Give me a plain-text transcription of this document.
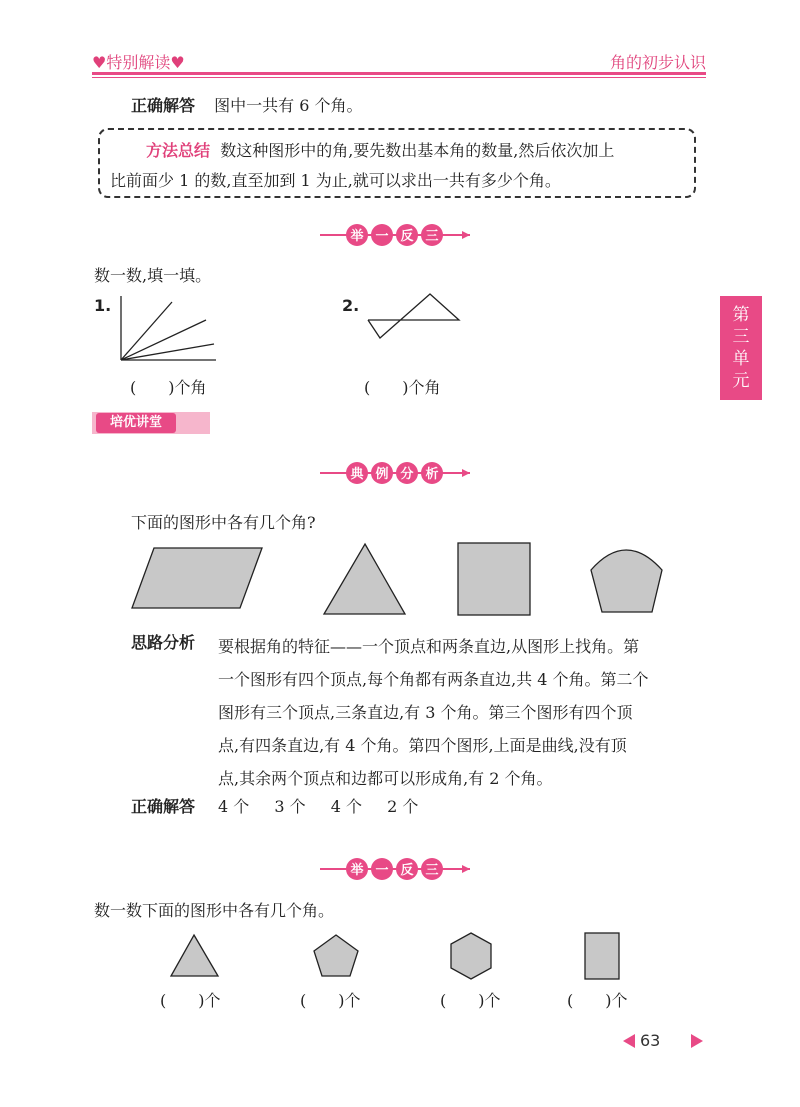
♥特别解读♥	角的初步认识
正确解答 图中一共有 6 个角。
方法总结 数这种图形中的角,要先数出基本角的数量,然后依次加上
比前面少 1 的数,直至加到 1 为止,就可以求出一共有多少个角。
举 一 反 三
数一数,填一填。
1.
(　　)个角
2.
(　　)个角
第
三
单
元
培优讲堂
典 例 分 析
下面的图形中各有几个角?
思路分析 要根据角的特征——一个顶点和两条直边,从图形上找角。第
一个图形有四个顶点,每个角都有两条直边,共 4 个角。第二个
图形有三个顶点,三条直边,有 3 个角。第三个图形有四个顶
点,有四条直边,有 4 个角。第四个图形,上面是曲线,没有顶
点,其余两个顶点和边都可以形成角,有 2 个角。
正确解答 4 个 3 个 4 个 2 个
举 一 反 三
数一数下面的图形中各有几个角。
(　　)个	(　　)个	(　　)个	(　　)个
63
